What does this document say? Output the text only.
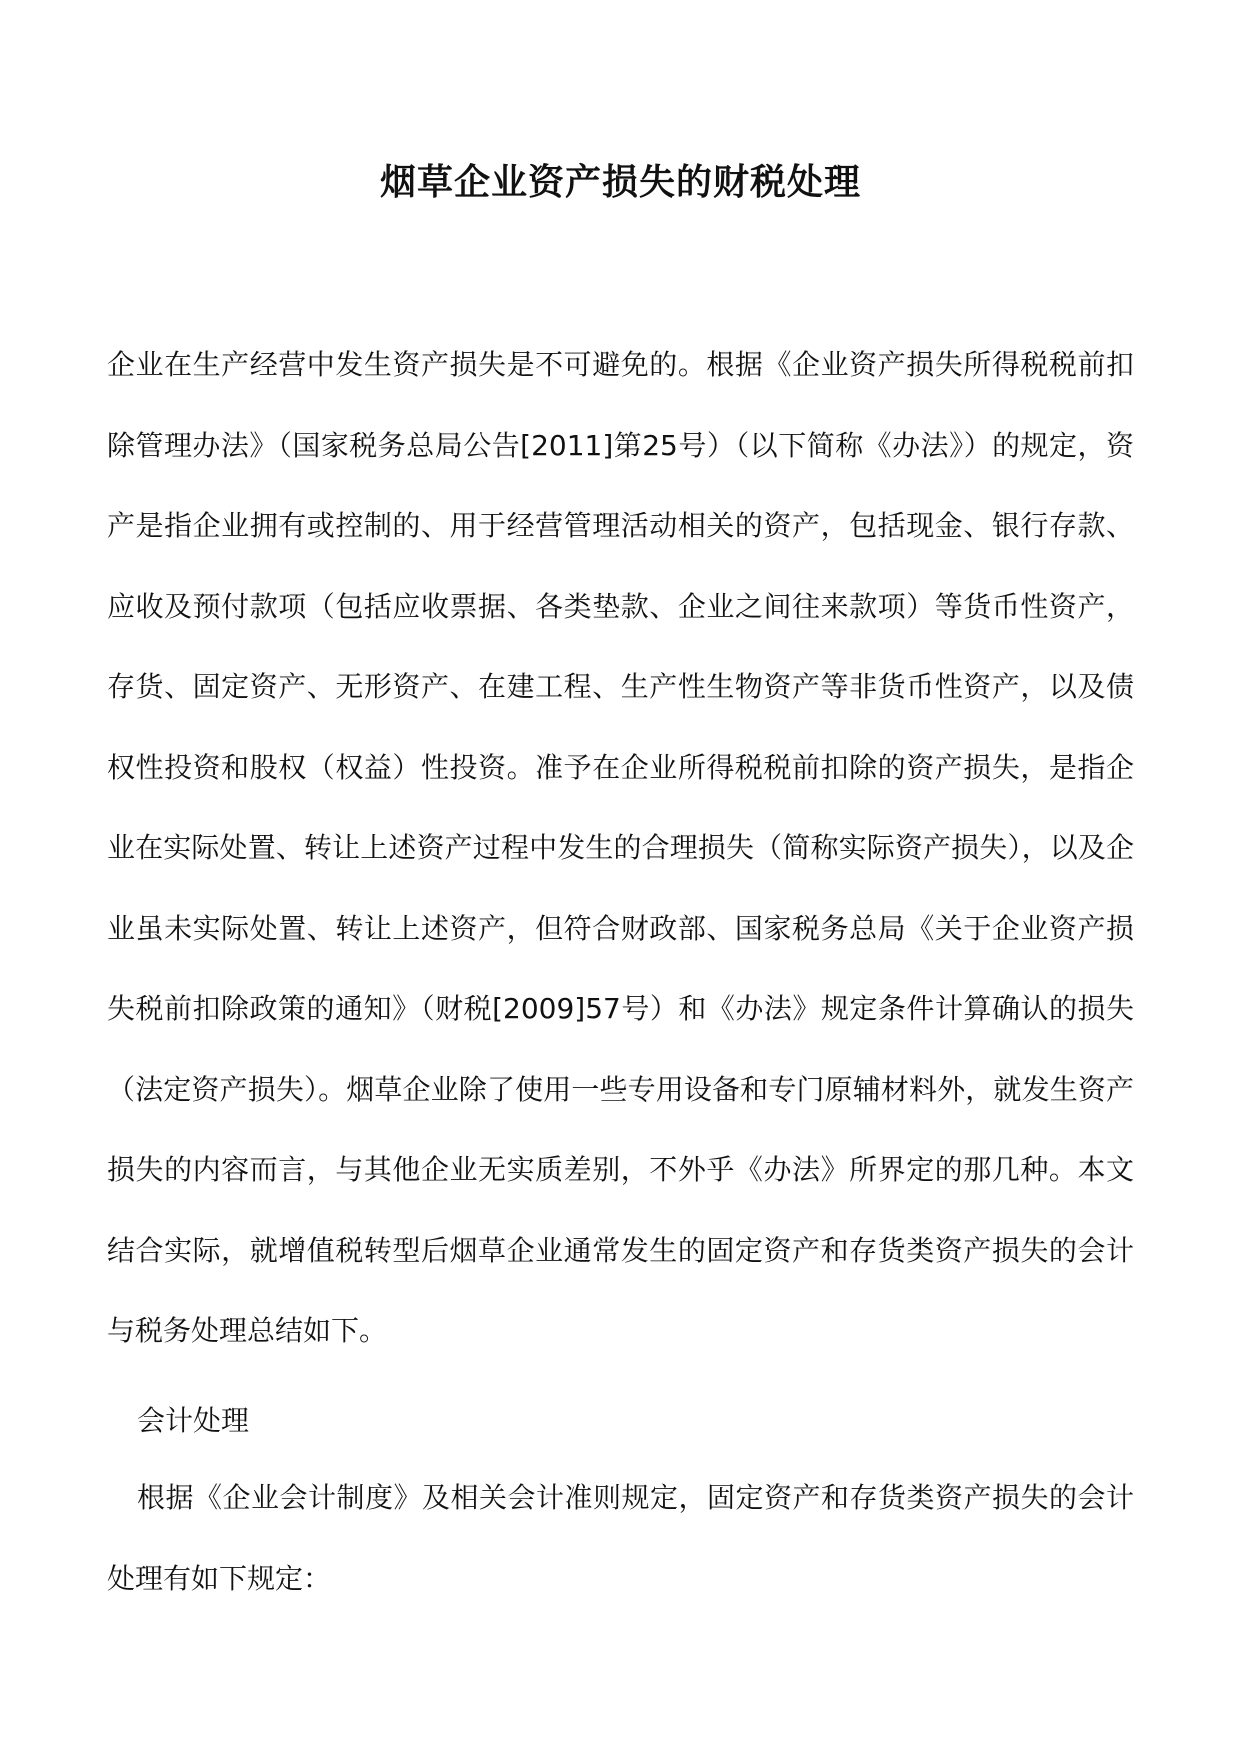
烟草企业资产损失的财税处理

企业在生产经营中发生资产损失是不可避免的。根据《企业资产损失所得税税前扣除管理办法》（国家税务总局公告[2011]第25号）（以下简称《办法》）的规定，资产是指企业拥有或控制的、用于经营管理活动相关的资产，包括现金、银行存款、应收及预付款项（包括应收票据、各类垫款、企业之间往来款项）等货币性资产，存货、固定资产、无形资产、在建工程、生产性生物资产等非货币性资产，以及债权性投资和股权（权益）性投资。准予在企业所得税税前扣除的资产损失，是指企业在实际处置、转让上述资产过程中发生的合理损失（简称实际资产损失），以及企业虽未实际处置、转让上述资产，但符合财政部、国家税务总局《关于企业资产损失税前扣除政策的通知》（财税[2009]57号）和《办法》规定条件计算确认的损失（法定资产损失）。烟草企业除了使用一些专用设备和专门原辅材料外，就发生资产损失的内容而言，与其他企业无实质差别，不外乎《办法》所界定的那几种。本文结合实际，就增值税转型后烟草企业通常发生的固定资产和存货类资产损失的会计与税务处理总结如下。

会计处理

根据《企业会计制度》及相关会计准则规定，固定资产和存货类资产损失的会计处理有如下规定：
